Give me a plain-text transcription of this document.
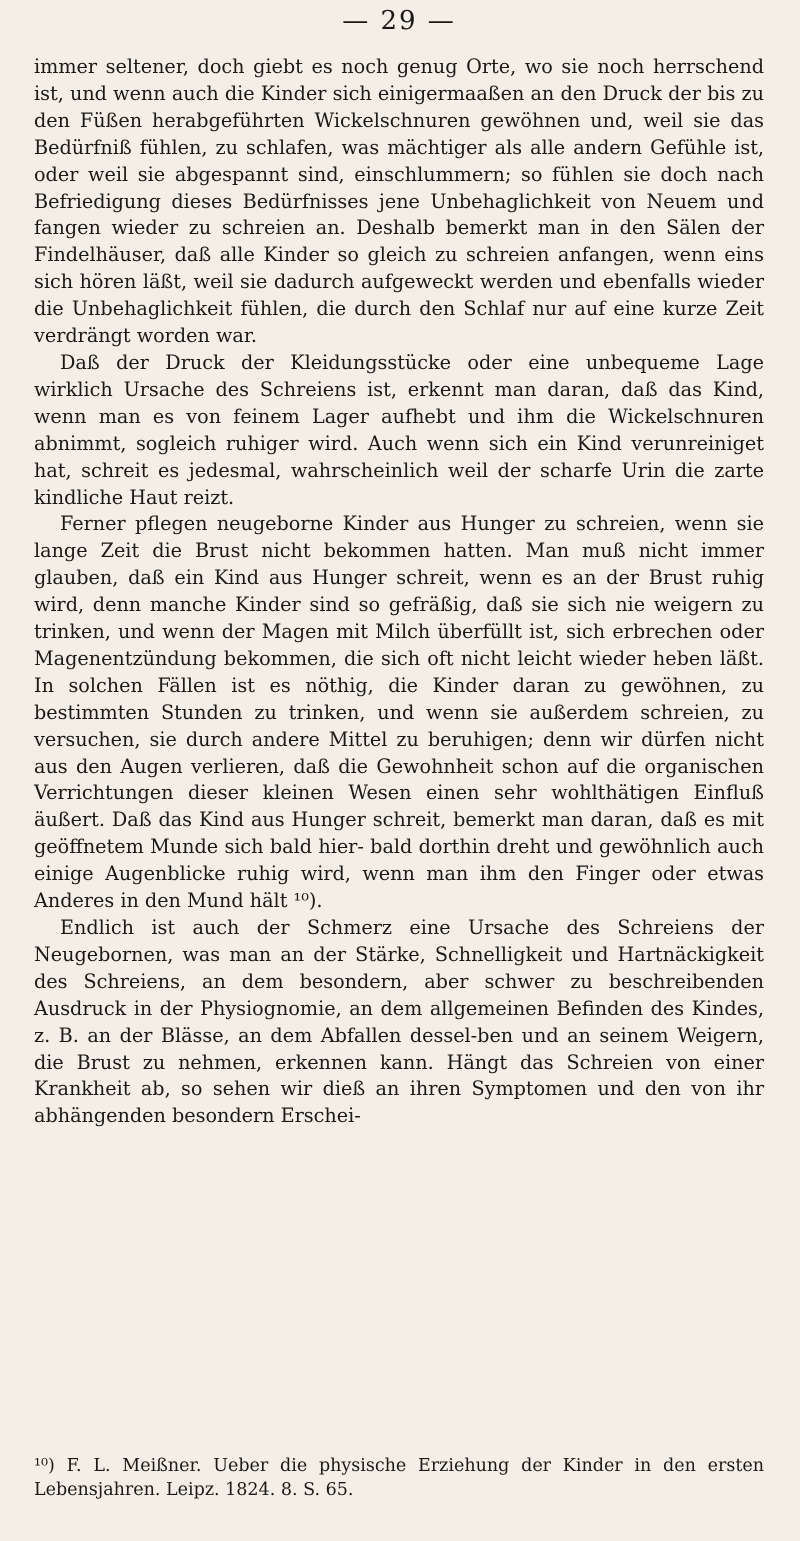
— 29 —

immer seltener, doch giebt es noch genug Orte, wo sie noch herrschend ist, und wenn auch die Kinder sich einigermaaßen an den Druck der bis zu den Füßen herabgeführten Wickelschnuren gewöhnen und, weil sie das Bedürfniß fühlen, zu schlafen, was mächtiger als alle andern Gefühle ist, oder weil sie abgespannt sind, einschlummern; so fühlen sie doch nach Befriedigung dieses Bedürfnisses jene Unbehaglichkeit von Neuem und fangen wieder zu schreien an. Deshalb bemerkt man in den Sälen der Findelhäuser, daß alle Kinder so gleich zu schreien anfangen, wenn eins sich hören läßt, weil sie dadurch aufgeweckt werden und ebenfalls wieder die Unbehaglichkeit fühlen, die durch den Schlaf nur auf eine kurze Zeit verdrängt worden war.

Daß der Druck der Kleidungsstücke oder eine unbequeme Lage wirklich Ursache des Schreiens ist, erkennt man daran, daß das Kind, wenn man es von feinem Lager aufhebt und ihm die Wickelschnuren abnimmt, sogleich ruhiger wird. Auch wenn sich ein Kind verunreiniget hat, schreit es jedesmal, wahrscheinlich weil der scharfe Urin die zarte kindliche Haut reizt.

Ferner pflegen neugeborne Kinder aus Hunger zu schreien, wenn sie lange Zeit die Brust nicht bekommen hatten. Man muß nicht immer glauben, daß ein Kind aus Hunger schreit, wenn es an der Brust ruhig wird, denn manche Kinder sind so gefräßig, daß sie sich nie weigern zu trinken, und wenn der Magen mit Milch überfüllt ist, sich erbrechen oder Magenentzündung bekommen, die sich oft nicht leicht wieder heben läßt. In solchen Fällen ist es nöthig, die Kinder daran zu gewöhnen, zu bestimmten Stunden zu trinken, und wenn sie außerdem schreien, zu versuchen, sie durch andere Mittel zu beruhigen; denn wir dürfen nicht aus den Augen verlieren, daß die Gewohnheit schon auf die organischen Verrichtungen dieser kleinen Wesen einen sehr wohlthätigen Einfluß äußert. Daß das Kind aus Hunger schreit, bemerkt man daran, daß es mit geöffnetem Munde sich bald hier- bald dorthin dreht und gewöhnlich auch einige Augenblicke ruhig wird, wenn man ihm den Finger oder etwas Anderes in den Mund hält ¹⁰).

Endlich ist auch der Schmerz eine Ursache des Schreiens der Neugebornen, was man an der Stärke, Schnelligkeit und Hartnäckigkeit des Schreiens, an dem besondern, aber schwer zu beschreibenden Ausdruck in der Physiognomie, an dem allgemeinen Befinden des Kindes, z. B. an der Blässe, an dem Abfallen dessel-ben und an seinem Weigern, die Brust zu nehmen, erkennen kann. Hängt das Schreien von einer Krankheit ab, so sehen wir dieß an ihren Symptomen und den von ihr abhängenden besondern Erschei-

¹⁰) F. L. Meißner. Ueber die physische Erziehung der Kinder in den ersten Lebensjahren. Leipz. 1824. 8. S. 65.
